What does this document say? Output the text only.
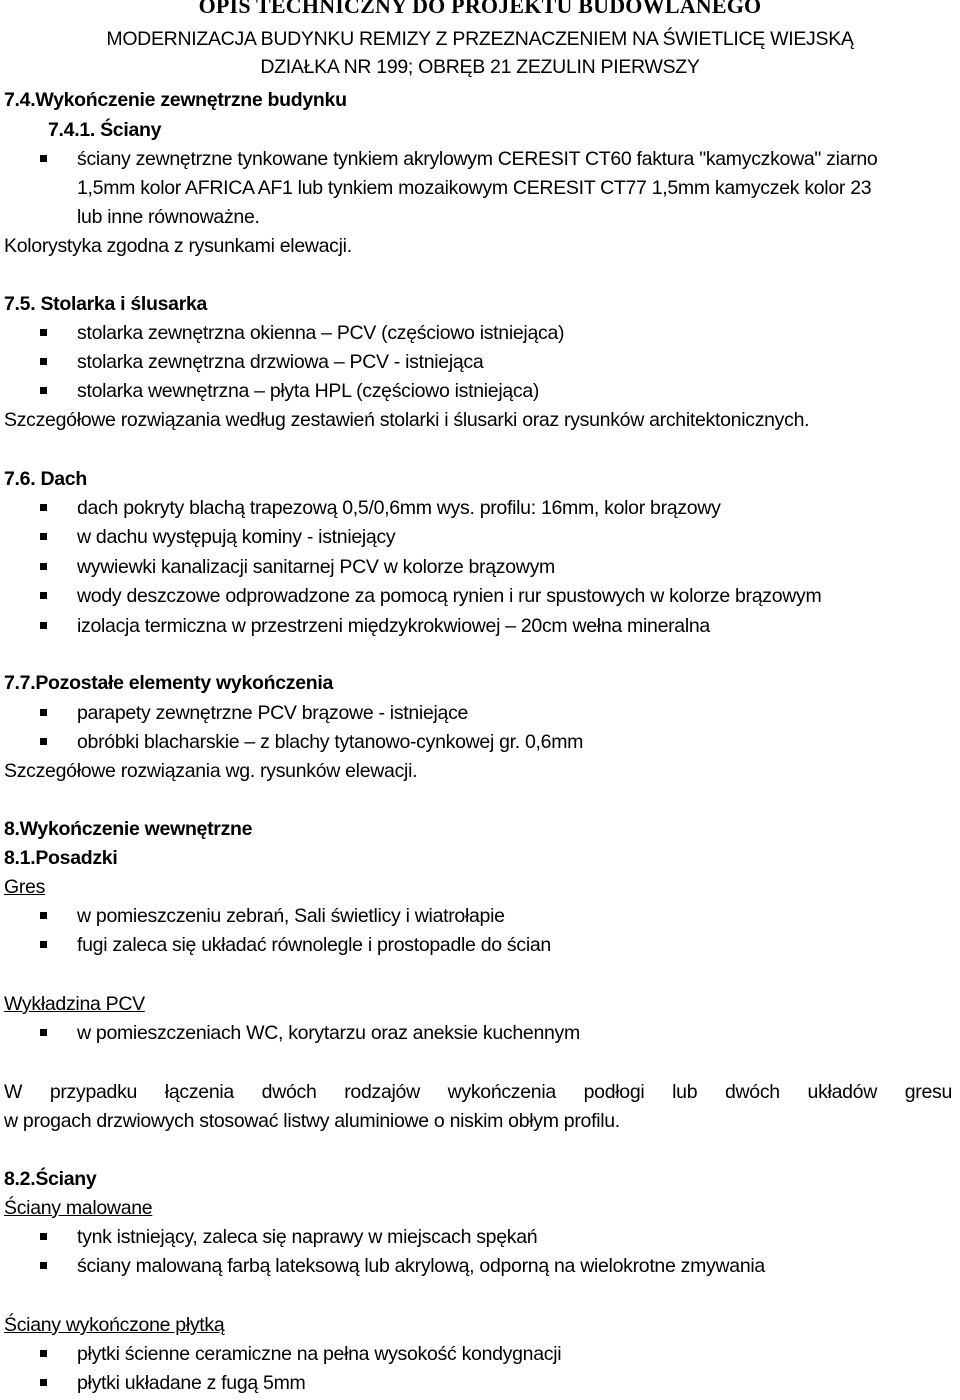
OPIS TECHNICZNY DO PROJEKTU BUDOWLANEGO
MODERNIZACJA BUDYNKU REMIZY Z PRZEZNACZENIEM NA ŚWIETLICĘ WIEJSKĄ
DZIAŁKA NR 199; OBRĘB 21 ZEZULIN PIERWSZY
7.4.Wykończenie zewnętrzne budynku
7.4.1. Ściany
ściany zewnętrzne tynkowane tynkiem akrylowym CERESIT CT60 faktura "kamyczkowa" ziarno
1,5mm kolor AFRICA AF1 lub tynkiem mozaikowym CERESIT CT77 1,5mm kamyczek kolor 23
lub inne równoważne.
Kolorystyka zgodna z rysunkami elewacji.
7.5. Stolarka i ślusarka
stolarka zewnętrzna okienna – PCV (częściowo istniejąca)
stolarka zewnętrzna drzwiowa – PCV - istniejąca
stolarka wewnętrzna – płyta HPL (częściowo istniejąca)
Szczegółowe rozwiązania według zestawień stolarki i ślusarki oraz rysunków architektonicznych.
7.6. Dach
dach pokryty blachą trapezową 0,5/0,6mm wys. profilu: 16mm, kolor brązowy
w dachu występują kominy - istniejący
wywiewki kanalizacji sanitarnej PCV w kolorze brązowym
wody deszczowe odprowadzone za pomocą rynien i rur spustowych w kolorze brązowym
izolacja termiczna w przestrzeni międzykrokwiowej – 20cm wełna mineralna
7.7.Pozostałe elementy wykończenia
parapety zewnętrzne PCV brązowe - istniejące
obróbki blacharskie – z blachy tytanowo-cynkowej gr. 0,6mm
Szczegółowe rozwiązania wg. rysunków elewacji.
8.Wykończenie wewnętrzne
8.1.Posadzki
Gres
w pomieszczeniu zebrań, Sali świetlicy i wiatrołapie
fugi zaleca się układać równolegle i prostopadle do ścian
Wykładzina PCV
w pomieszczeniach WC, korytarzu oraz aneksie kuchennym
W przypadku łączenia dwóch rodzajów wykończenia podłogi lub dwóch układów gresu
w progach drzwiowych stosować listwy aluminiowe o niskim obłym profilu.
8.2.Ściany
Ściany malowane
tynk istniejący, zaleca się naprawy w miejscach spękań
ściany malowaną farbą lateksową lub akrylową, odporną na wielokrotne zmywania
Ściany wykończone płytką
płytki ścienne ceramiczne na pełna wysokość kondygnacji
płytki układane z fugą 5mm
